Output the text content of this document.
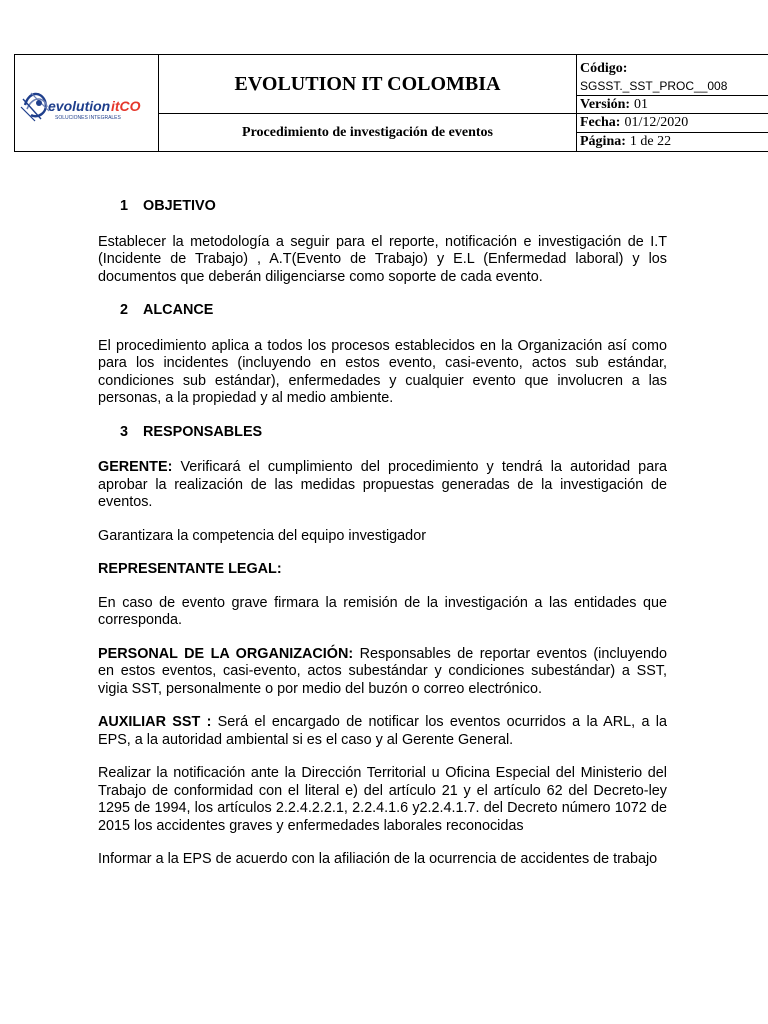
evolution itCO
SOLUCIONES INTEGRALES
EVOLUTION IT COLOMBIA
Procedimiento de investigación de eventos
Código:
SGSST._SST_PROC__008
Versión: 01
Fecha: 01/12/2020
Página: 1 de 22
1 OBJETIVO

Establecer la metodología a seguir para el reporte, notificación e investigación de I.T (Incidente de Trabajo) , A.T(Evento de Trabajo) y E.L (Enfermedad laboral) y los documentos que deberán diligenciarse como soporte de cada evento.

2 ALCANCE

El procedimiento aplica a todos los procesos establecidos en la Organización así como para los incidentes (incluyendo en estos evento, casi-evento, actos sub estándar, condiciones sub estándar), enfermedades y cualquier evento que involucren a las personas, a la propiedad y al medio ambiente.

3 RESPONSABLES

GERENTE: Verificará el cumplimiento del procedimiento y tendrá la autoridad para aprobar la realización de las medidas propuestas generadas de la investigación de eventos.

Garantizara la competencia del equipo investigador

REPRESENTANTE LEGAL:

En caso de evento grave firmara la remisión de la investigación a las entidades que corresponda.

PERSONAL DE LA ORGANIZACIÓN: Responsables de reportar eventos (incluyendo en estos eventos, casi-evento, actos subestándar y condiciones subestándar) a SST, vigia SST, personalmente o por medio del buzón o correo electrónico.

AUXILIAR SST : Será el encargado de notificar los eventos ocurridos a la ARL, a la EPS, a la autoridad ambiental si es el caso y al Gerente General.

Realizar la notificación ante la Dirección Territorial u Oficina Especial del Ministerio del Trabajo de conformidad con el literal e) del artículo 21 y el artículo 62 del Decreto-ley 1295 de 1994, los artículos 2.2.4.2.2.1, 2.2.4.1.6 y2.2.4.1.7. del Decreto número 1072 de 2015 los accidentes graves y enfermedades laborales reconocidas

Informar a la EPS de acuerdo con la afiliación de la ocurrencia de accidentes de trabajo
